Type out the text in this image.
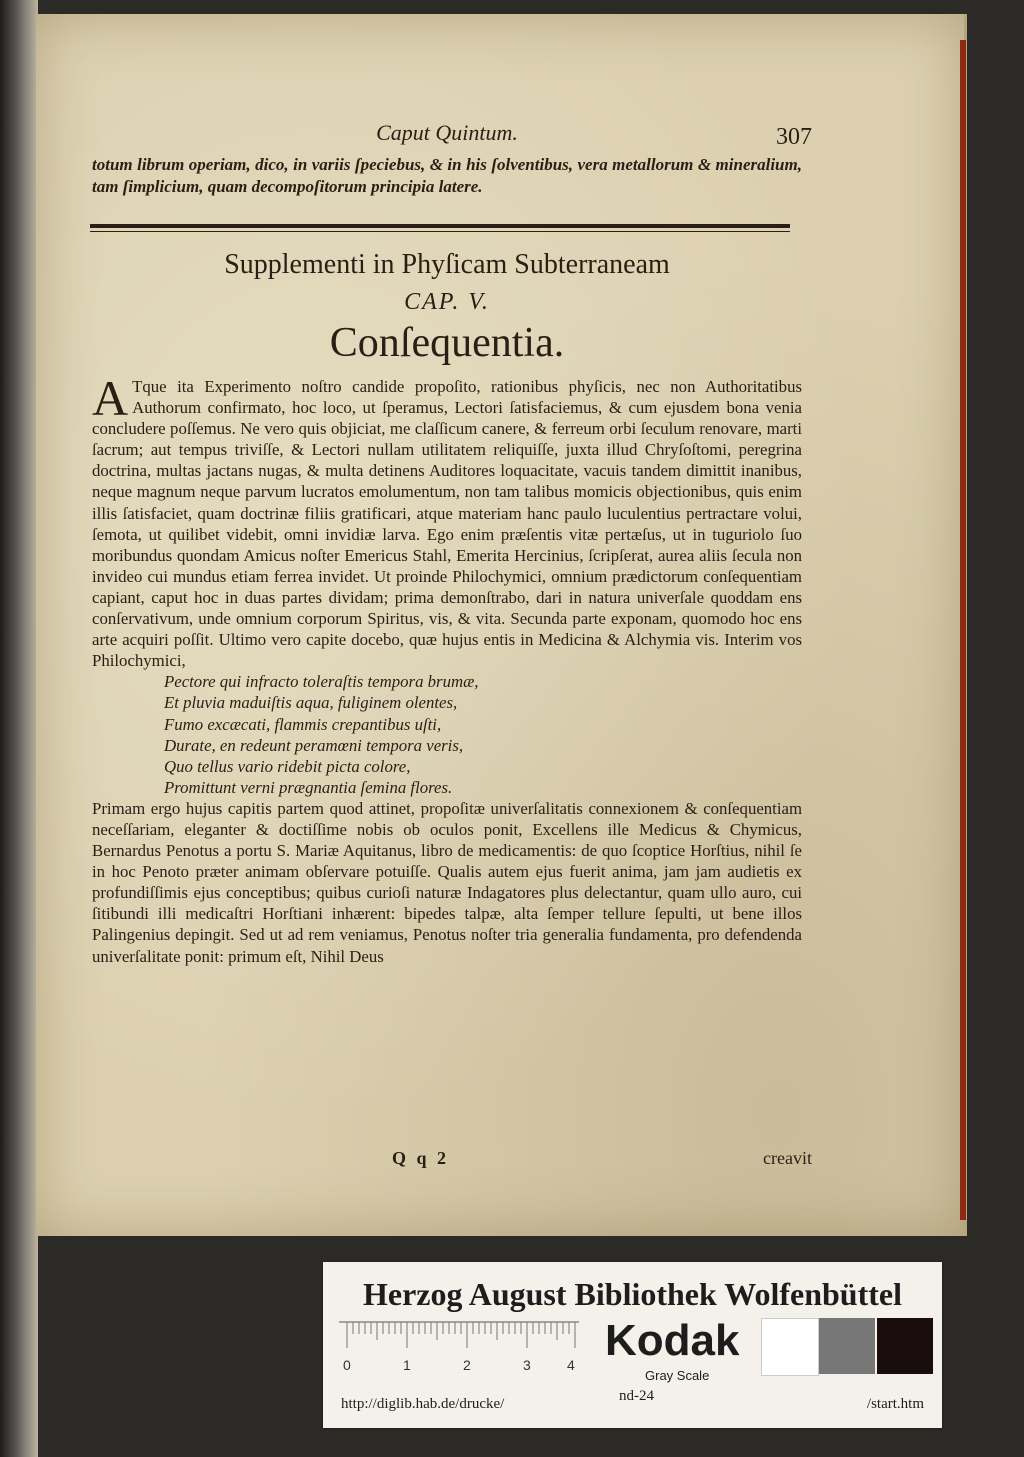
Caput Quintum.	307
totum librum operiam, dico, in variis ſpeciebus, & in his ſolventibus, vera metallorum & mineralium, tam ſimplicium, quam decompoſitorum principia latere.
Supplementi in Phyſicam Subterraneam
CAP. V.
Conſequentia.

A Tque ita Experimento noſtro candide propoſito, rationibus phyſicis, nec non Authoritatibus Authorum confirmato, hoc loco, ut ſperamus, Lectori ſatisfaciemus, & cum ejusdem bona venia concludere poſſemus. Ne vero quis objiciat, me claſſicum canere, & ferreum orbi ſeculum renovare, marti ſacrum; aut tempus triviſſe, & Lectori nullam utilitatem reliquiſſe, juxta illud Chryſoſtomi, peregrina doctrina, multas jactans nugas, & multa detinens Auditores loquacitate, vacuis tandem dimittit inanibus, neque magnum neque parvum lucratos emolumentum, non tam talibus momicis objectionibus, quis enim illis ſatisfaciet, quam doctrinæ filiis gratificari, atque materiam hanc paulo luculentius pertractare volui, ſemota, ut quilibet videbit, omni invidiæ larva. Ego enim præſentis vitæ pertæſus, ut in tuguriolo ſuo moribundus quondam Amicus noſter Emericus Stahl, Emerita Hercinius, ſcripſerat, aurea aliis ſecula non invideo cui mundus etiam ferrea invidet. Ut proinde Philochymici, omnium prædictorum conſequentiam capiant, caput hoc in duas partes dividam; prima demonſtrabo, dari in natura univerſale quoddam ens conſervativum, unde omnium corporum Spiritus, vis, & vita. Secunda parte exponam, quomodo hoc ens arte acquiri poſſit. Ultimo vero capite docebo, quæ hujus entis in Medicina & Alchymia vis. Interim vos Philochymici,

Pectore qui infracto toleraſtis tempora brumæ,
Et pluvia maduiſtis aqua, fuliginem olentes,
Fumo excæcati, flammis crepantibus uſti,
Durate, en redeunt peramœni tempora veris,
Quo tellus vario ridebit picta colore,
Promittunt verni prægnantia ſemina flores.

Primam ergo hujus capitis partem quod attinet, propoſitæ univerſalitatis connexionem & conſequentiam neceſſariam, eleganter & doctiſſime nobis ob oculos ponit, Excellens ille Medicus & Chymicus, Bernardus Penotus a portu S. Mariæ Aquitanus, libro de medicamentis: de quo ſcoptice Horſtius, nihil ſe in hoc Penoto præter animam obſervare potuiſſe. Qualis autem ejus fuerit anima, jam jam audietis ex profundiſſimis ejus conceptibus; quibus curioſi naturæ Indagatores plus delectantur, quam ullo auro, cui ſitibundi illi medicaſtri Horſtiani inhærent: bipedes talpæ, alta ſemper tellure ſepulti, ut bene illos Palingenius depingit. Sed ut ad rem veniamus, Penotus noſter tria generalia fundamenta, pro defendenda univerſalitate ponit: primum eſt, Nihil Deus

Q q 2	creavit
Herzog August Bibliothek Wolfenbüttel
0	1	2	3	4 Kodak
Gray Scale
http://diglib.hab.de/drucke/	nd-24	/start.htm
